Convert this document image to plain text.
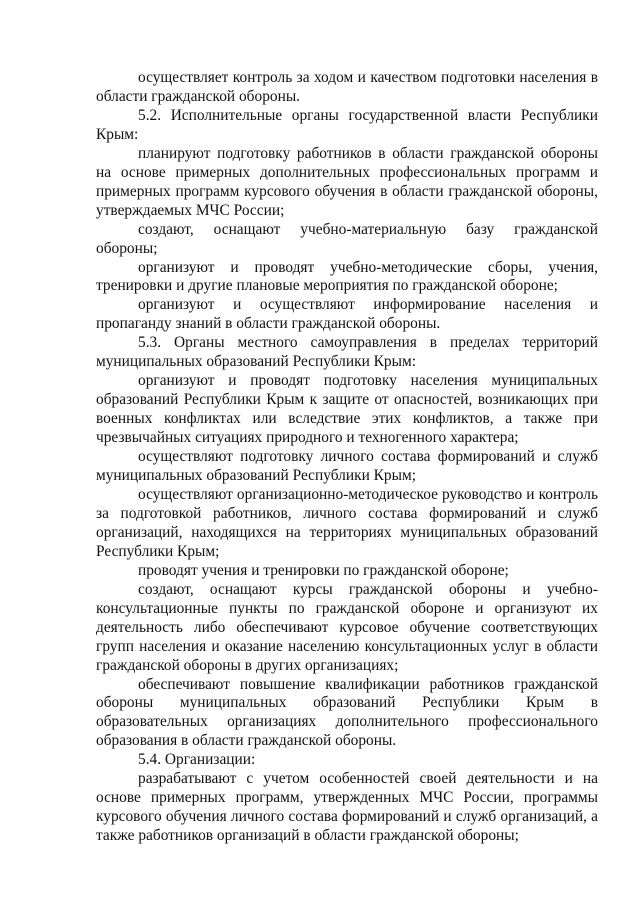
осуществляет контроль за ходом и качеством подготовки населения в области гражданской обороны.

5.2. Исполнительные органы государственной власти Республики Крым:

планируют подготовку работников в области гражданской обороны на основе примерных дополнительных профессиональных программ и примерных программ курсового обучения в области гражданской обороны, утверждаемых МЧС России;

создают, оснащают учебно-материальную базу гражданской обороны;

организуют и проводят учебно-методические сборы, учения, тренировки и другие плановые мероприятия по гражданской обороне;

организуют и осуществляют информирование населения и пропаганду знаний в области гражданской обороны.

5.3. Органы местного самоуправления в пределах территорий муниципальных образований Республики Крым:

организуют и проводят подготовку населения муниципальных образований Республики Крым к защите от опасностей, возникающих при военных конфликтах или вследствие этих конфликтов, а также при чрезвычайных ситуациях природного и техногенного характера;

осуществляют подготовку личного состава формирований и служб муниципальных образований Республики Крым;

осуществляют организационно-методическое руководство и контроль за подготовкой работников, личного состава формирований и служб организаций, находящихся на территориях муниципальных образований Республики Крым;

проводят учения и тренировки по гражданской обороне;

создают, оснащают курсы гражданской обороны и учебно-консультационные пункты по гражданской обороне и организуют их деятельность либо обеспечивают курсовое обучение соответствующих групп населения и оказание населению консультационных услуг в области гражданской обороны в других организациях;

обеспечивают повышение квалификации работников гражданской обороны муниципальных образований Республики Крым в образовательных организациях дополнительного профессионального образования в области гражданской обороны.

5.4. Организации:

разрабатывают с учетом особенностей своей деятельности и на основе примерных программ, утвержденных МЧС России, программы курсового обучения личного состава формирований и служб организаций, а также работников организаций в области гражданской обороны;
